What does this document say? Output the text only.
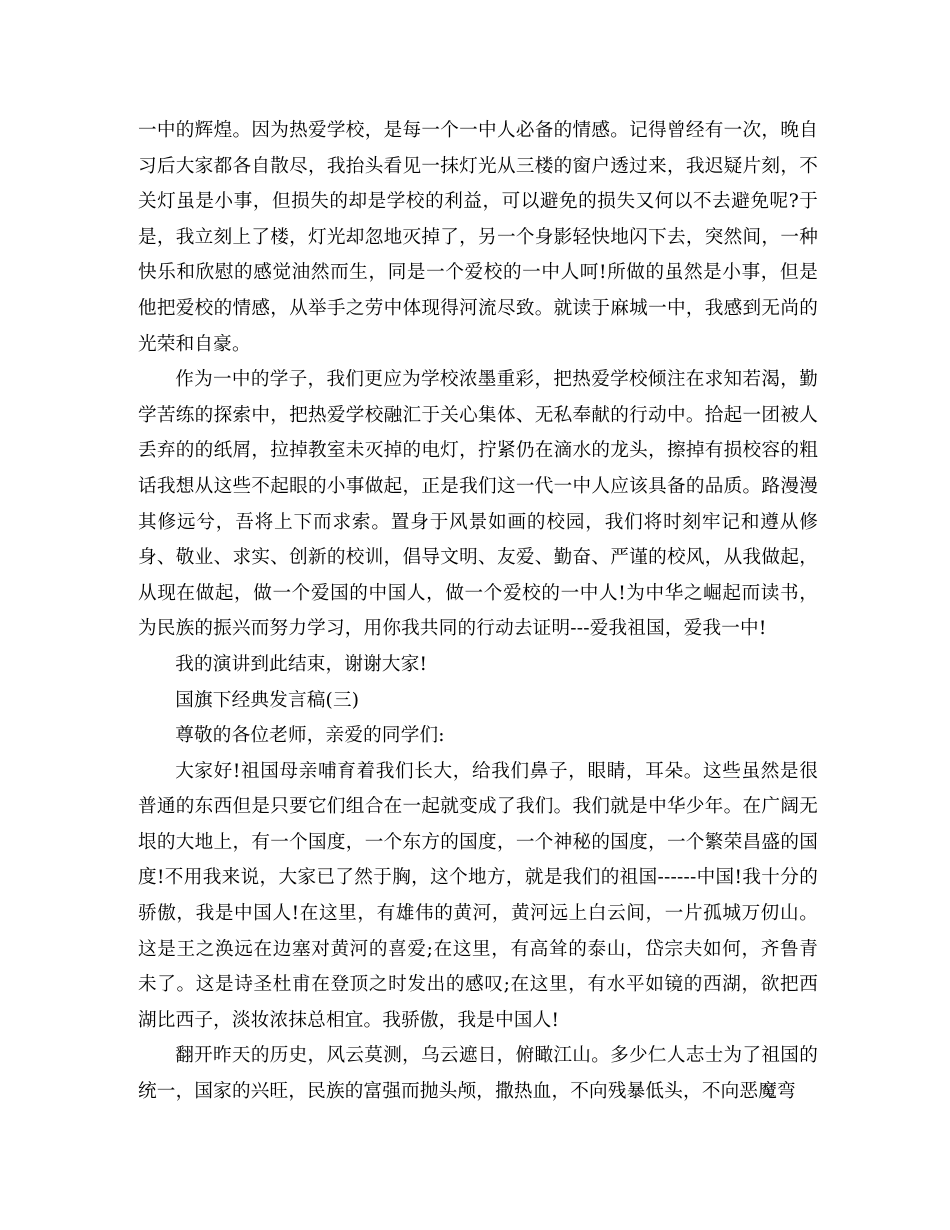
一中的辉煌。因为热爱学校，是每一个一中人必备的情感。记得曾经有一次，晚自习后大家都各自散尽，我抬头看见一抹灯光从三楼的窗户透过来，我迟疑片刻，不关灯虽是小事，但损失的却是学校的利益，可以避免的损失又何以不去避免呢?于是，我立刻上了楼，灯光却忽地灭掉了，另一个身影轻快地闪下去，突然间，一种快乐和欣慰的感觉油然而生，同是一个爱校的一中人呵!所做的虽然是小事，但是他把爱校的情感，从举手之劳中体现得河流尽致。就读于麻城一中，我感到无尚的光荣和自豪。

作为一中的学子，我们更应为学校浓墨重彩，把热爱学校倾注在求知若渴，勤学苦练的探索中，把热爱学校融汇于关心集体、无私奉献的行动中。拾起一团被人丢弃的的纸屑，拉掉教室未灭掉的电灯，拧紧仍在滴水的龙头，擦掉有损校容的粗话我想从这些不起眼的小事做起，正是我们这一代一中人应该具备的品质。路漫漫其修远兮，吾将上下而求索。置身于风景如画的校园，我们将时刻牢记和遵从修身、敬业、求实、创新的校训，倡导文明、友爱、勤奋、严谨的校风，从我做起，从现在做起，做一个爱国的中国人，做一个爱校的一中人!为中华之崛起而读书，为民族的振兴而努力学习，用你我共同的行动去证明---爱我祖国，爱我一中!

我的演讲到此结束，谢谢大家!

国旗下经典发言稿(三)

尊敬的各位老师，亲爱的同学们:

大家好!祖国母亲哺育着我们长大，给我们鼻子，眼睛，耳朵。这些虽然是很普通的东西但是只要它们组合在一起就变成了我们。我们就是中华少年。在广阔无垠的大地上，有一个国度，一个东方的国度，一个神秘的国度，一个繁荣昌盛的国度!不用我来说，大家已了然于胸，这个地方，就是我们的祖国------中国!我十分的骄傲，我是中国人!在这里，有雄伟的黄河，黄河远上白云间，一片孤城万仞山。这是王之涣远在边塞对黄河的喜爱;在这里，有高耸的泰山，岱宗夫如何，齐鲁青未了。这是诗圣杜甫在登顶之时发出的感叹;在这里，有水平如镜的西湖，欲把西湖比西子，淡妆浓抹总相宜。我骄傲，我是中国人!

翻开昨天的历史，风云莫测，乌云遮日，俯瞰江山。多少仁人志士为了祖国的统一，国家的兴旺，民族的富强而抛头颅，撒热血，不向残暴低头，不向恶魔弯
